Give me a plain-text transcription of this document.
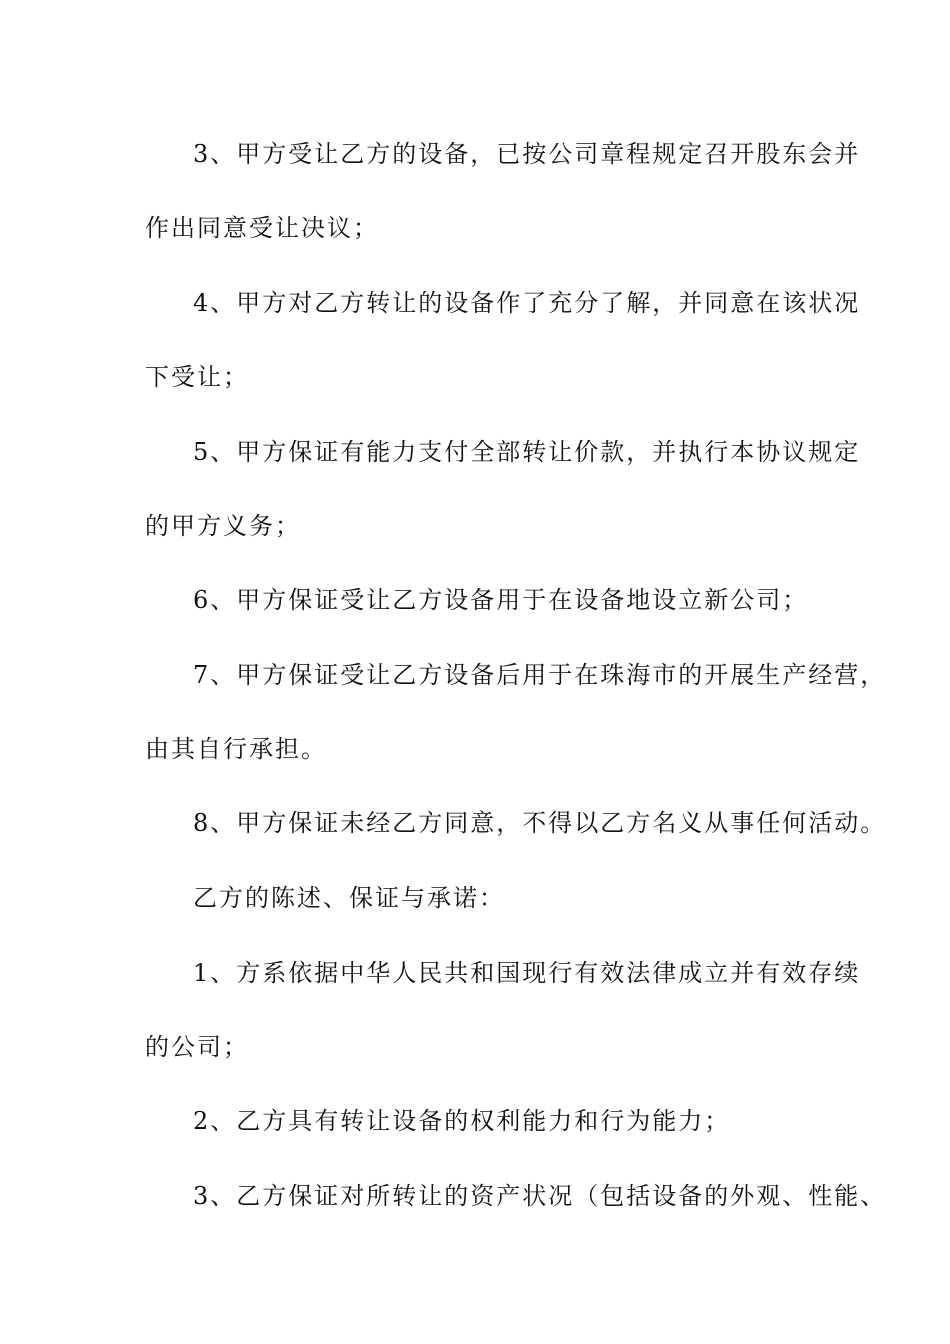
3、甲方受让乙方的设备，已按公司章程规定召开股东会并
作出同意受让决议；
4、甲方对乙方转让的设备作了充分了解，并同意在该状况
下受让；
5、甲方保证有能力支付全部转让价款，并执行本协议规定
的甲方义务；
6、甲方保证受让乙方设备用于在设备地设立新公司；
7、甲方保证受让乙方设备后用于在珠海市的开展生产经营，
由其自行承担。
8、甲方保证未经乙方同意，不得以乙方名义从事任何活动。
乙方的陈述、保证与承诺：
1、方系依据中华人民共和国现行有效法律成立并有效存续
的公司；
2、乙方具有转让设备的权利能力和行为能力；
3、乙方保证对所转让的资产状况（包括设备的外观、性能、
